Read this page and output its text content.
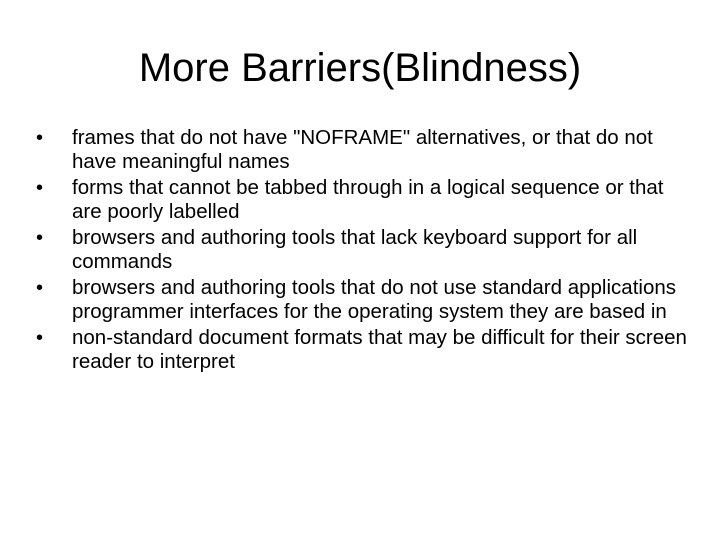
More Barriers(Blindness)
•	frames that do not have "NOFRAME" alternatives, or that do not have meaningful names
•	forms that cannot be tabbed through in a logical sequence or that are poorly labelled
•	browsers and authoring tools that lack keyboard support for all commands
•	browsers and authoring tools that do not use standard applications programmer interfaces for the operating system they are based in
•	non-standard document formats that may be difficult for their screen reader to interpret
